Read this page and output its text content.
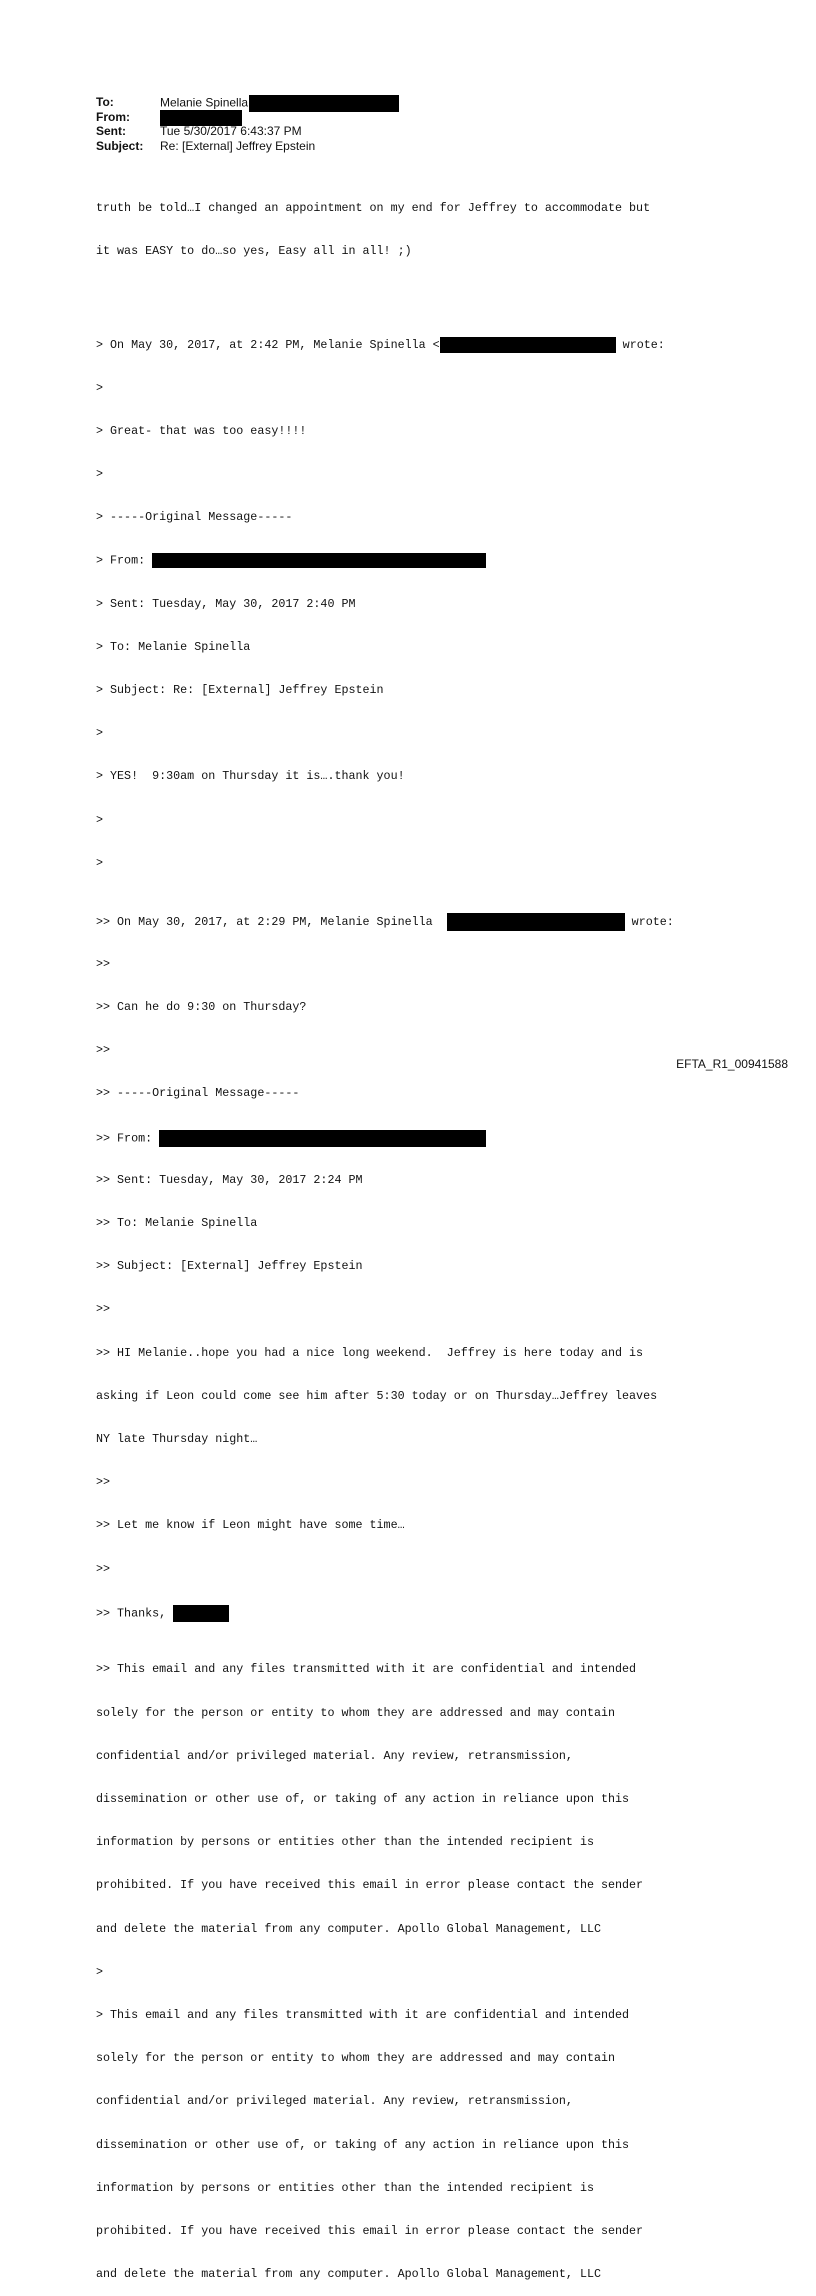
To:	Melanie Spinella
From:
Sent:	Tue 5/30/2017 6:43:37 PM
Subject: Re: [External] Jeffrey Epstein

truth be told…I changed an appointment on my end for Jeffrey to accommodate but

it was EASY to do…so yes, Easy all in all! ;)

> On May 30, 2017, at 2:42 PM, Melanie Spinella <	wrote:

>

> Great- that was too easy!!!!

>

> -----Original Message-----

> From:

> Sent: Tuesday, May 30, 2017 2:40 PM

> To: Melanie Spinella

> Subject: Re: [External] Jeffrey Epstein

>

> YES!  9:30am on Thursday it is….thank you!

>

>

>> On May 30, 2017, at 2:29 PM, Melanie Spinella	wrote:

>>

>> Can he do 9:30 on Thursday?

>>

>> -----Original Message-----

>> From:

>> Sent: Tuesday, May 30, 2017 2:24 PM

>> To: Melanie Spinella

>> Subject: [External] Jeffrey Epstein

>>

>> HI Melanie..hope you had a nice long weekend.  Jeffrey is here today and is

asking if Leon could come see him after 5:30 today or on Thursday…Jeffrey leaves

NY late Thursday night…

>>

>> Let me know if Leon might have some time…

>>

>> Thanks,

>> This email and any files transmitted with it are confidential and intended

solely for the person or entity to whom they are addressed and may contain

confidential and/or privileged material. Any review, retransmission,

dissemination or other use of, or taking of any action in reliance upon this

information by persons or entities other than the intended recipient is

prohibited. If you have received this email in error please contact the sender

and delete the material from any computer. Apollo Global Management, LLC

>

> This email and any files transmitted with it are confidential and intended

solely for the person or entity to whom they are addressed and may contain

confidential and/or privileged material. Any review, retransmission,

dissemination or other use of, or taking of any action in reliance upon this

information by persons or entities other than the intended recipient is

prohibited. If you have received this email in error please contact the sender

and delete the material from any computer. Apollo Global Management, LLC

EFTA_R1_00941588
